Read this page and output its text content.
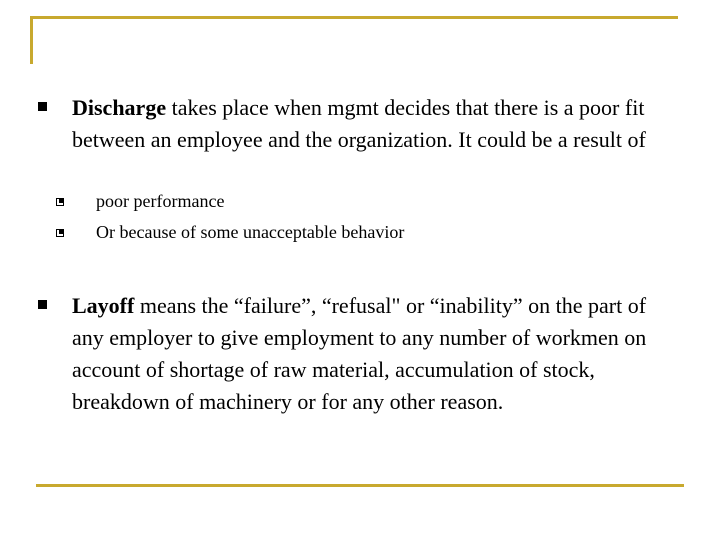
Discharge takes place when mgmt decides that there is a poor fit between an employee and the organization. It could be a result of
poor performance
Or because of some unacceptable behavior
Layoff means the “failure”, “refusal" or “inability” on the part of any employer to give employment to any number of workmen on account of shortage of raw material, accumulation of stock, breakdown of machinery or for any other reason.
